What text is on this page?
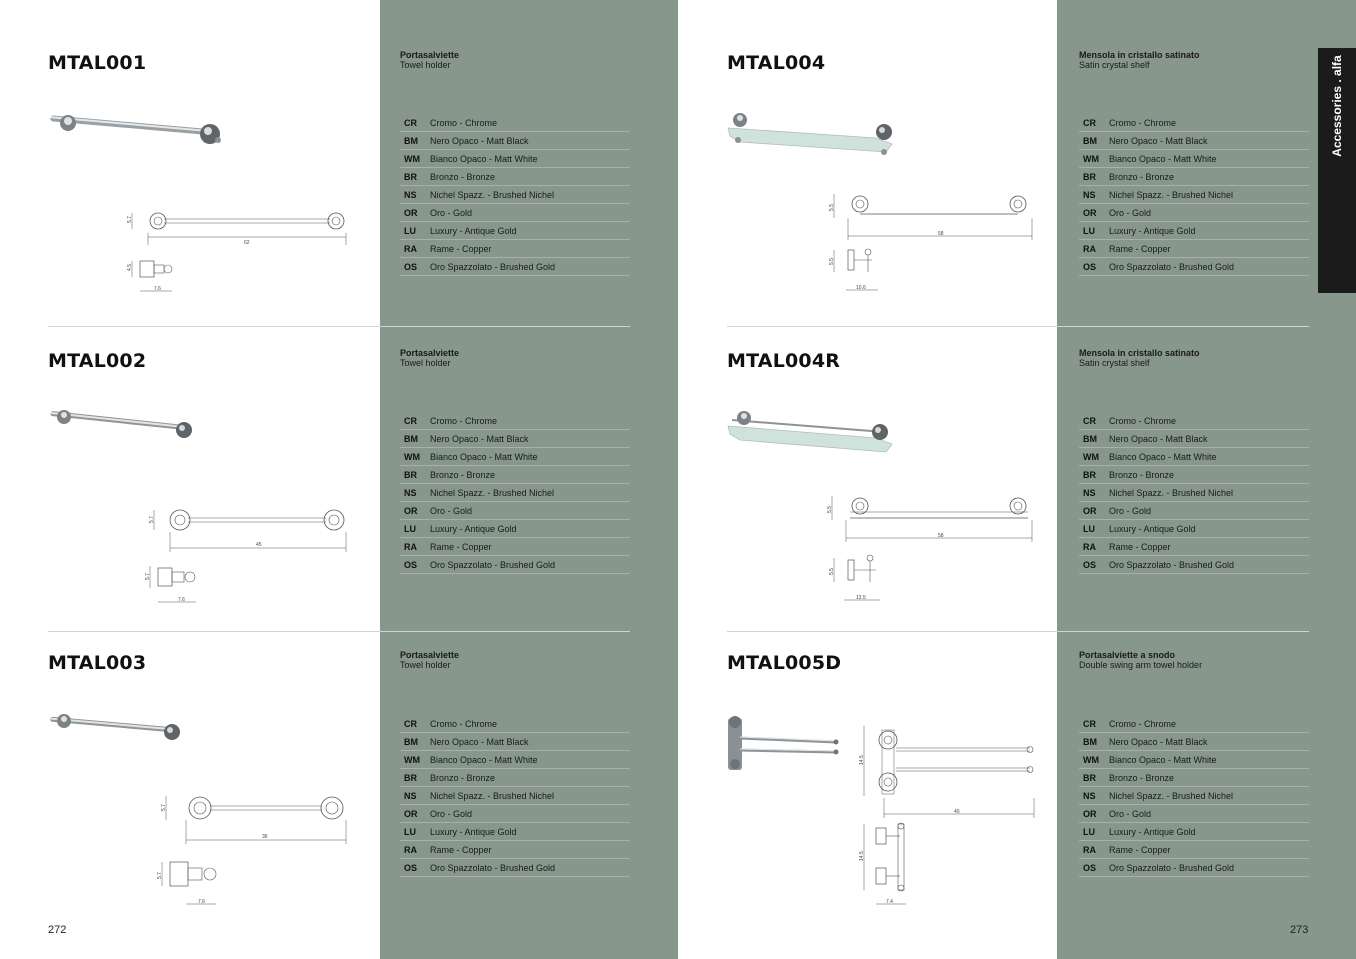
MTAL001
5.7
62
4.5
7.6
Portasalviette
Towel holder
CR	Cromo - Chrome
BM	Nero Opaco - Matt Black
WM	Bianco Opaco - Matt White
BR	Bronzo - Bronze
NS	Nichel Spazz. - Brushed Nichel
OR	Oro - Gold
LU	Luxury - Antique Gold
RA	Rame - Copper
OS	Oro Spazzolato - Brushed Gold
MTAL002
5.7
45
5.7
7.6
Portasalviette
Towel holder
CR	Cromo - Chrome
BM	Nero Opaco - Matt Black
WM	Bianco Opaco - Matt White
BR	Bronzo - Bronze
NS	Nichel Spazz. - Brushed Nichel
OR	Oro - Gold
LU	Luxury - Antique Gold
RA	Rame - Copper
OS	Oro Spazzolato - Brushed Gold
MTAL003
5.7
36
5.7
7.6
Portasalviette
Towel holder
CR	Cromo - Chrome
BM	Nero Opaco - Matt Black
WM	Bianco Opaco - Matt White
BR	Bronzo - Bronze
NS	Nichel Spazz. - Brushed Nichel
OR	Oro - Gold
LU	Luxury - Antique Gold
RA	Rame - Copper
OS	Oro Spazzolato - Brushed Gold
272
MTAL004
5.5
58
5.5
10.6
Mensola in cristallo satinato
Satin crystal shelf
CR	Cromo - Chrome
BM	Nero Opaco - Matt Black
WM	Bianco Opaco - Matt White
BR	Bronzo - Bronze
NS	Nichel Spazz. - Brushed Nichel
OR	Oro - Gold
LU	Luxury - Antique Gold
RA	Rame - Copper
OS	Oro Spazzolato - Brushed Gold
MTAL004R
5.5
58
5.5
12.5
Mensola in cristallo satinato
Satin crystal shelf
CR	Cromo - Chrome
BM	Nero Opaco - Matt Black
WM	Bianco Opaco - Matt White
BR	Bronzo - Bronze
NS	Nichel Spazz. - Brushed Nichel
OR	Oro - Gold
LU	Luxury - Antique Gold
RA	Rame - Copper
OS	Oro Spazzolato - Brushed Gold
MTAL005D
14.5
40
14.5
7.4
Portasalviette a snodo
Double swing arm towel holder
CR	Cromo - Chrome
BM	Nero Opaco - Matt Black
WM	Bianco Opaco - Matt White
BR	Bronzo - Bronze
NS	Nichel Spazz. - Brushed Nichel
OR	Oro - Gold
LU	Luxury - Antique Gold
RA	Rame - Copper
OS	Oro Spazzolato - Brushed Gold
273
Accessories . alfa
